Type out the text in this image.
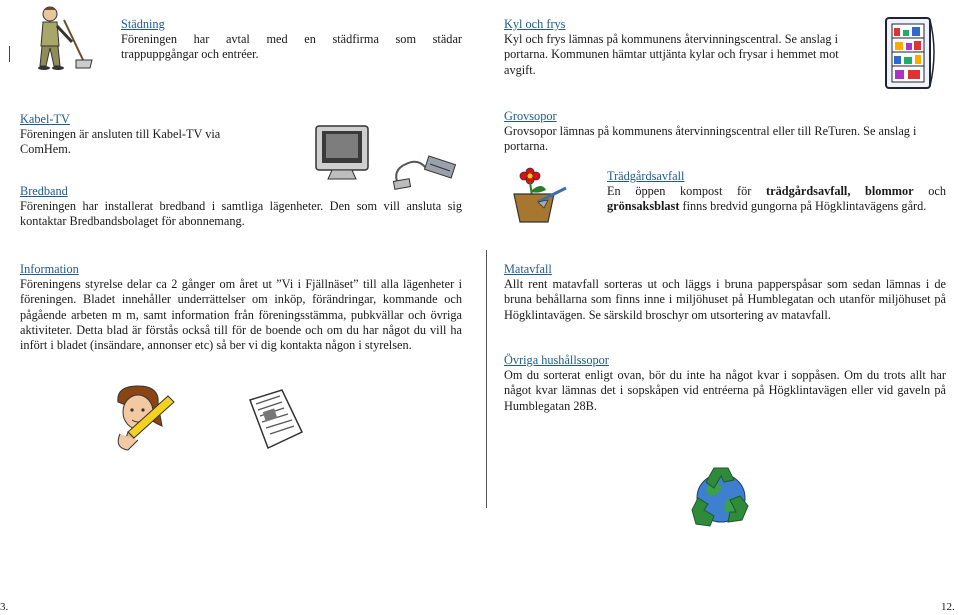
Städning
Föreningen har avtal med en städfirma som städar
trappuppgångar och entréer.
Kabel-TV
Föreningen är ansluten till Kabel-TV via
ComHem.
Bredband
Föreningen har installerat bredband i samtliga lägenheter. Den som vill ansluta sig kontaktar Bredbandsbolaget för abonnemang.
Information
Föreningens styrelse delar ca 2 gånger om året ut ”Vi i Fjällnäset” till alla lägenheter i föreningen. Bladet innehåller underrättelser om inköp, förändringar, kommande och pågående arbeten m m, samt information från föreningsstämma, pubkvällar och övriga aktiviteter. Detta blad är förstås också till för de boende och om du har något du vill ha infört i bladet (insändare, annonser etc) så ber vi dig kontakta någon i styrelsen.
Kyl och frys
Kyl och frys lämnas på kommunens återvinningscentral. Se anslag i portarna. Kommunen hämtar uttjänta kylar och frysar i hemmet mot avgift.
Grovsopor
Grovsopor lämnas på kommunens återvinningscentral eller till ReTuren. Se anslag i portarna.
Trädgårdsavfall
En öppen kompost för trädgårdsavfall, blommor och grönsaksblast finns bredvid gungorna på Högklintavägens gård.
Matavfall
Allt rent matavfall sorteras ut och läggs i bruna papperspåsar som sedan lämnas i de bruna behållarna som finns inne i miljöhuset på Humblegatan och utanför miljöhuset på Högklintavägen. Se särskild broschyr om utsortering av matavfall.
Övriga hushållssopor
Om du sorterat enligt ovan, bör du inte ha något kvar i soppåsen. Om du trots allt har något kvar lämnas det i sopskåpen vid entréerna på Högklintavägen eller vid gaveln på Humblegatan 28B.
3.	12.
